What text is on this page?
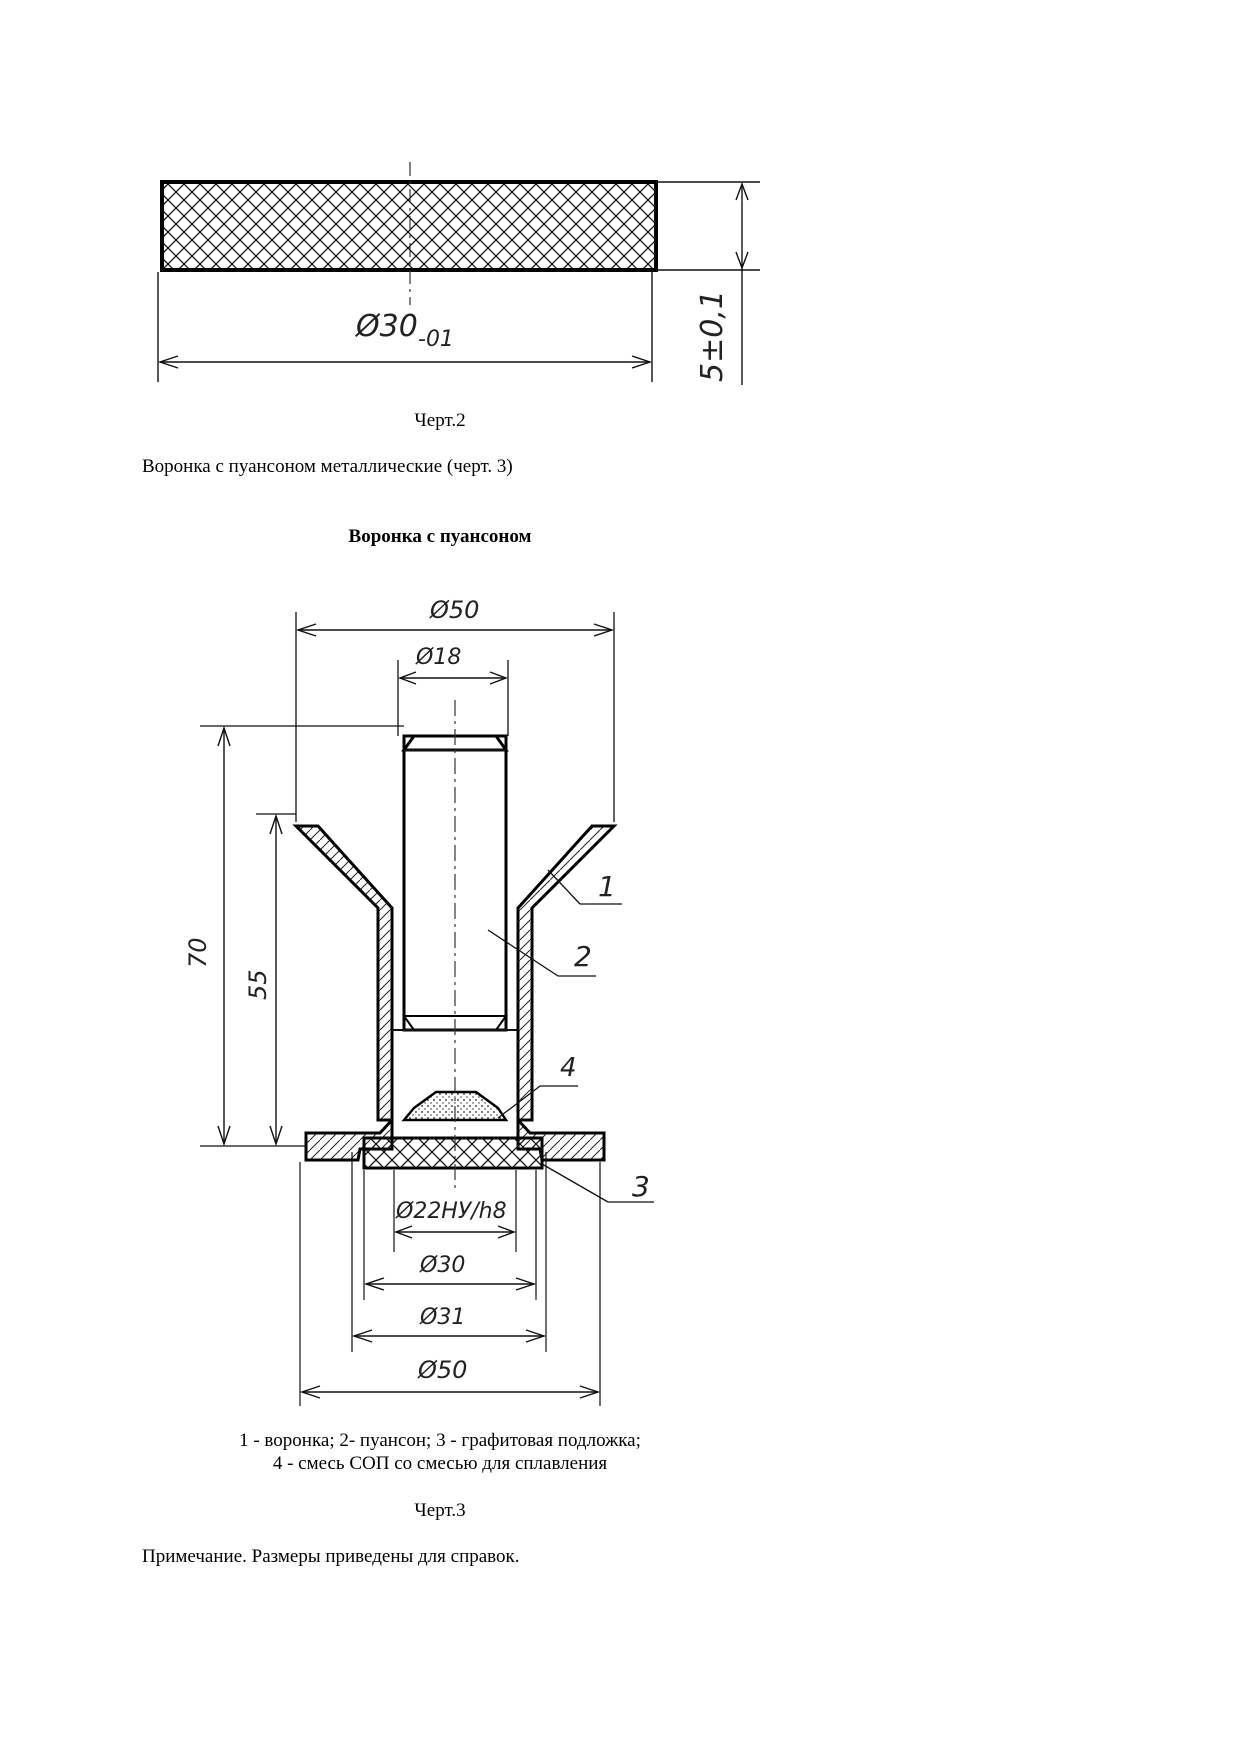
Ø30 -01	5±0,1
Черт.2
Воронка с пуансоном металлические (черт. 3)
Воронка с пуансоном
Ø50
Ø18
70
55
1
2
4
3
Ø22НУ/h8
Ø30
Ø31
Ø50
1 - воронка; 2- пуансон; 3 - графитовая подложка;
4 - смесь СОП со смесью для сплавления
Черт.3
Примечание. Размеры приведены для справок.
